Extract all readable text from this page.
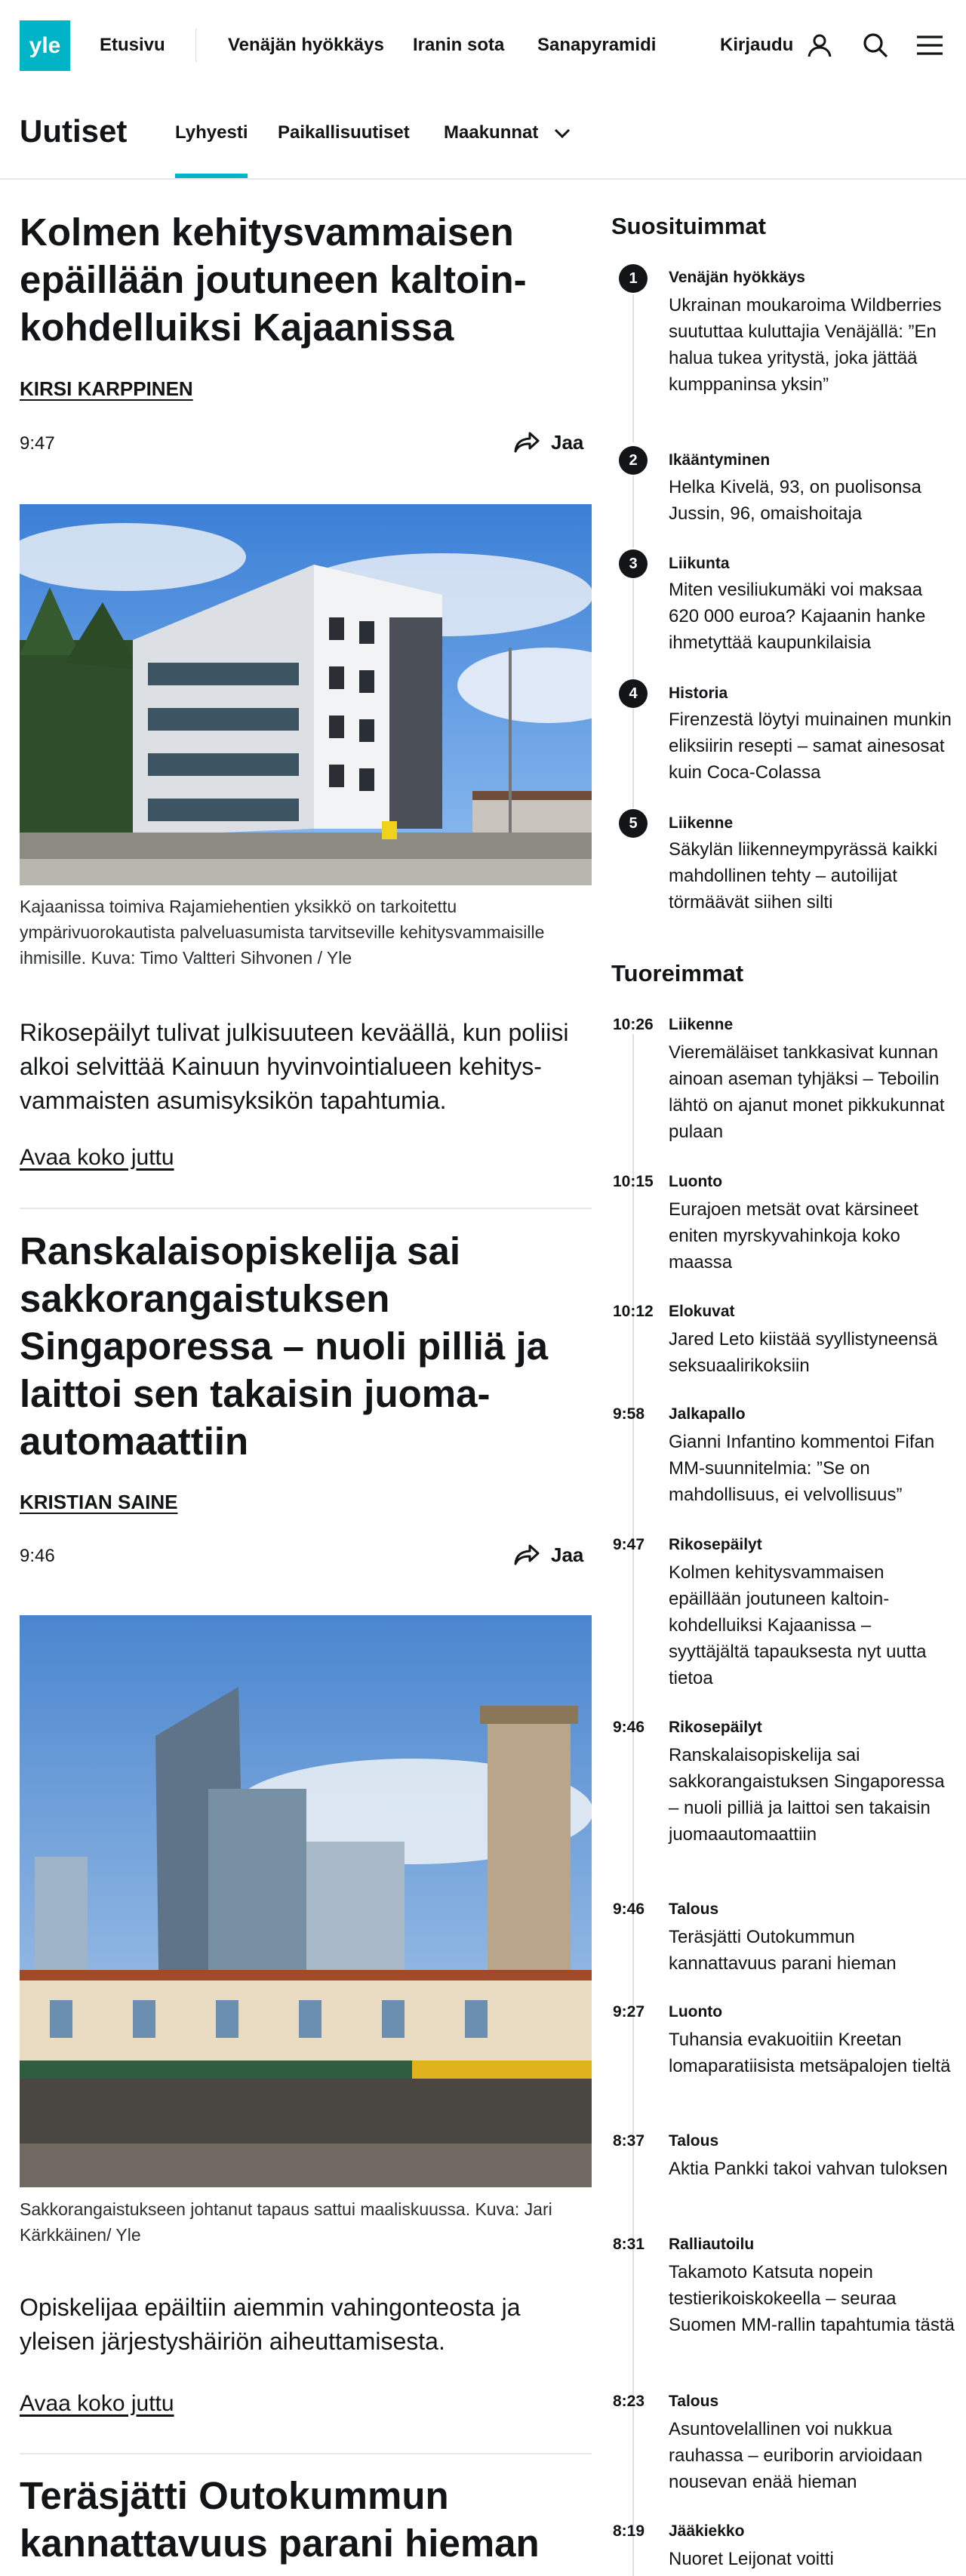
yle	Etusivu	Venäjän hyökkäys Iranin sota Sanapyramidi	Kirjaudu
Uutiset	Lyhyesti Paikallisuutiset Maakunnat
Kolmen kehitysvammaisen
epäillään joutuneen kaltoin-
kohdelluiksi Kajaanissa
KIRSI KARPPINEN
9:47	Jaa
Kajaanissa toimiva Rajamiehentien yksikkö on tarkoitettu ympärivuorokautista palveluasumista tarvitseville kehitysvammaisille ihmisille. Kuva: Timo Valtteri Sihvonen / Yle
Rikosepäilyt tulivat julkisuuteen keväällä, kun poliisi alkoi selvittää Kainuun hyvinvointialueen kehitysvammaisten asumisyksikön tapahtumia.
Avaa koko juttu
Ranskalaisopiskelija sai
sakkorangaistuksen
Singaporessa – nuoli pilliä ja
laittoi sen takaisin juoma-
automaattiin
KRISTIAN SAINE
9:46	Jaa
Sakkorangaistukseen johtanut tapaus sattui maaliskuussa. Kuva: Jari Kärkkäinen/ Yle
Opiskelijaa epäiltiin aiemmin vahingonteosta ja yleisen järjestyshäiriön aiheuttamisesta.
Avaa koko juttu
Teräsjätti Outokummun
kannattavuus parani hieman
Suosituimmat
1	Venäjän hyökkäys
Ukrainan moukaroima Wildberries suututtaa kuluttajia Venäjällä: ”En halua tukea yritystä, joka jättää kumppaninsa yksin”
2	Ikääntyminen
Helka Kivelä, 93, on puolisonsa Jussin, 96, omaishoitaja
3	Liikunta
Miten vesiliukumäki voi maksaa 620 000 euroa? Kajaanin hanke ihmetyttää kaupunkilaisia
4	Historia
Firenzestä löytyi muinainen munkin eliksiirin resepti – samat ainesosat kuin Coca-Colassa
5	Liikenne
Säkylän liikenneympyrässä kaikki mahdollinen tehty – autoilijat törmäävät siihen silti
Tuoreimmat
10:26 Liikenne
Vieremäläiset tankkasivat kunnan ainoan aseman tyhjäksi – Teboilin lähtö on ajanut monet pikkukunnat pulaan
10:15 Luonto
Eurajoen metsät ovat kärsineet eniten myrskyvahinkoja koko maassa
10:12 Elokuvat
Jared Leto kiistää syyllistyneensä seksuaalirikoksiin
9:58	Jalkapallo
Gianni Infantino kommentoi Fifan MM-suunnitelmia: ”Se on mahdollisuus, ei velvollisuus”
9:47	Rikosepäilyt
Kolmen kehitysvammaisen epäillään joutuneen kaltoinkohdelluiksi Kajaanissa – syyttäjältä tapauksesta nyt uutta tietoa
9:46	Rikosepäilyt
Ranskalaisopiskelija sai sakkorangaistuksen Singaporessa – nuoli pilliä ja laittoi sen takaisin juomaautomaattiin
9:46	Talous
Teräsjätti Outokummun kannattavuus parani hieman
9:27	Luonto
Tuhansia evakuoitiin Kreetan lomaparatiisista metsäpalojen tieltä
8:37	Talous
Aktia Pankki takoi vahvan tuloksen
8:31	Ralliautoilu
Takamoto Katsuta nopein testierikoiskokeella – seuraa Suomen MM-rallin tapahtumia tästä
8:23	Talous
Asuntovelallinen voi nukkua rauhassa – euriborin arvioidaan nousevan enää hieman
8:19	Jääkiekko
Nuoret Leijonat voitti
